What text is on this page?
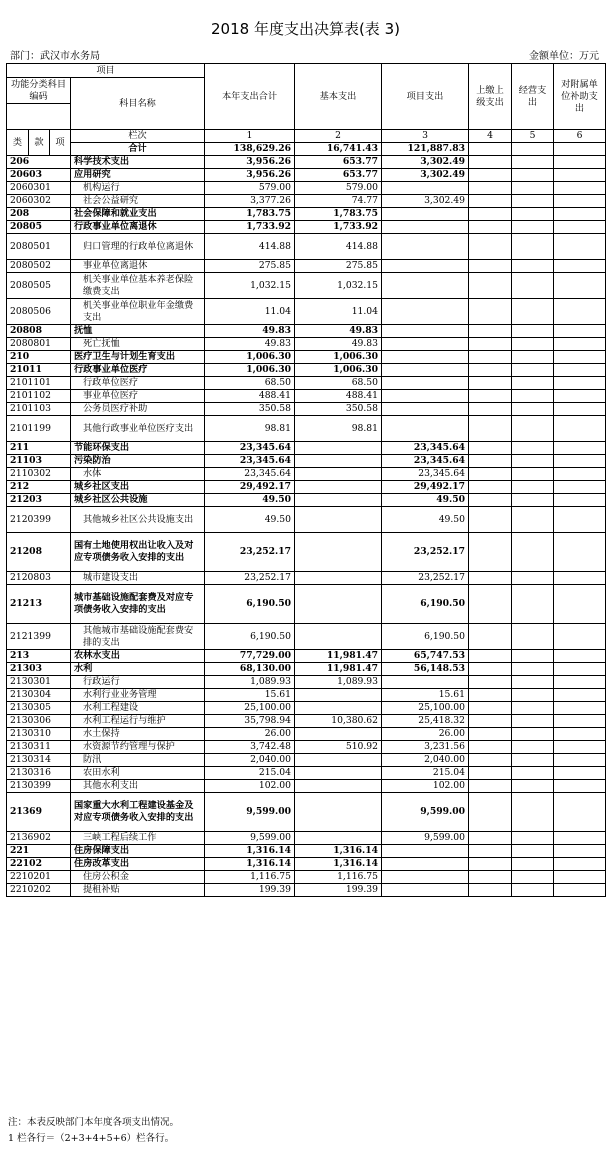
2018 年度支出决算表(表 3)
部门：武汉市水务局	金额单位：万元
项目				本年支出合计	基本支出	项目支出	上缴上级支出	经营支出	对附属单位补助支出
功能分类科目编码			科目名称						

类	款	项	栏次	1	2	3	4	5	6
			合计	138,629.26	16,741.43	121,887.83			
206			科学技术支出	3,956.26	653.77	3,302.49			
20603			应用研究	3,956.26	653.77	3,302.49			
2060301			机构运行	579.00	579.00				
2060302			社会公益研究	3,377.26	74.77	3,302.49			
208			社会保障和就业支出	1,783.75	1,783.75				
20805			行政事业单位离退休	1,733.92	1,733.92				
2080501			归口管理的行政单位离退休	414.88	414.88				
2080502			事业单位离退休	275.85	275.85				
2080505			机关事业单位基本养老保险缴费支出	1,032.15	1,032.15				
2080506			机关事业单位职业年金缴费支出	11.04	11.04				
20808			抚恤	49.83	49.83				
2080801			死亡抚恤	49.83	49.83				
210			医疗卫生与计划生育支出	1,006.30	1,006.30				
21011			行政事业单位医疗	1,006.30	1,006.30				
2101101			行政单位医疗	68.50	68.50				
2101102			事业单位医疗	488.41	488.41				
2101103			公务员医疗补助	350.58	350.58				
2101199			其他行政事业单位医疗支出	98.81	98.81				
211			节能环保支出	23,345.64		23,345.64			
21103			污染防治	23,345.64		23,345.64			
2110302			水体	23,345.64		23,345.64			
212			城乡社区支出	29,492.17		29,492.17			
21203			城乡社区公共设施	49.50		49.50			
2120399			其他城乡社区公共设施支出	49.50		49.50			
21208			国有土地使用权出让收入及对应专项债务收入安排的支出	23,252.17		23,252.17			
2120803			城市建设支出	23,252.17		23,252.17			
21213			城市基础设施配套费及对应专项债务收入安排的支出	6,190.50		6,190.50			
2121399			其他城市基础设施配套费安排的支出	6,190.50		6,190.50			
213			农林水支出	77,729.00	11,981.47	65,747.53			
21303			水利	68,130.00	11,981.47	56,148.53			
2130301			行政运行	1,089.93	1,089.93				
2130304			水利行业业务管理	15.61		15.61			
2130305			水利工程建设	25,100.00		25,100.00			
2130306			水利工程运行与维护	35,798.94	10,380.62	25,418.32			
2130310			水土保持	26.00		26.00			
2130311			水资源节约管理与保护	3,742.48	510.92	3,231.56			
2130314			防汛	2,040.00		2,040.00			
2130316			农田水利	215.04		215.04			
2130399			其他水利支出	102.00		102.00			
21369			国家重大水利工程建设基金及对应专项债务收入安排的支出	9,599.00		9,599.00			
2136902			三峡工程后续工作	9,599.00		9,599.00			
221			住房保障支出	1,316.14	1,316.14				
22102			住房改革支出	1,316.14	1,316.14				
2210201			住房公积金	1,116.75	1,116.75				
2210202			提租补贴	199.39	199.39				
注：本表反映部门本年度各项支出情况。
1 栏各行＝（2+3+4+5+6）栏各行。
